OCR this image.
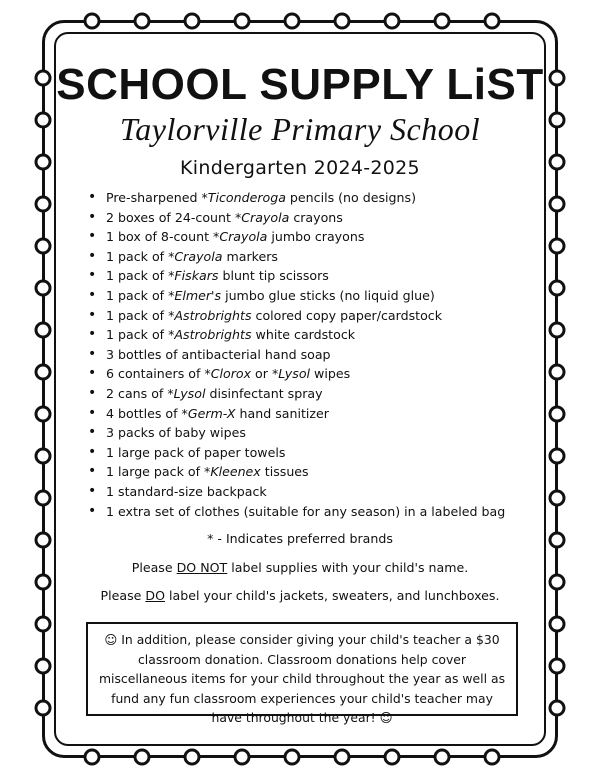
SCHOOL SUPPLY LiST
Taylorville Primary School
Kindergarten 2024-2025
• Pre-sharpened *Ticonderoga pencils (no designs)
• 2 boxes of 24-count *Crayola crayons
• 1 box of 8-count *Crayola jumbo crayons
• 1 pack of *Crayola markers
• 1 pack of *Fiskars blunt tip scissors
• 1 pack of *Elmer's jumbo glue sticks (no liquid glue)
• 1 pack of *Astrobrights colored copy paper/cardstock
• 1 pack of *Astrobrights white cardstock
• 3 bottles of antibacterial hand soap
• 6 containers of *Clorox or *Lysol wipes
• 2 cans of *Lysol disinfectant spray
• 4 bottles of *Germ-X hand sanitizer
• 3 packs of baby wipes
• 1 large pack of paper towels
• 1 large pack of *Kleenex tissues
• 1 standard-size backpack
• 1 extra set of clothes (suitable for any season) in a labeled bag
* - Indicates preferred brands
Please DO NOT label supplies with your child's name.
Please DO label your child's jackets, sweaters, and lunchboxes.
☺ In addition, please consider giving your child's teacher a $30 classroom donation. Classroom donations help cover miscellaneous items for your child throughout the year as well as fund any fun classroom experiences your child's teacher may have throughout the year! ☺
